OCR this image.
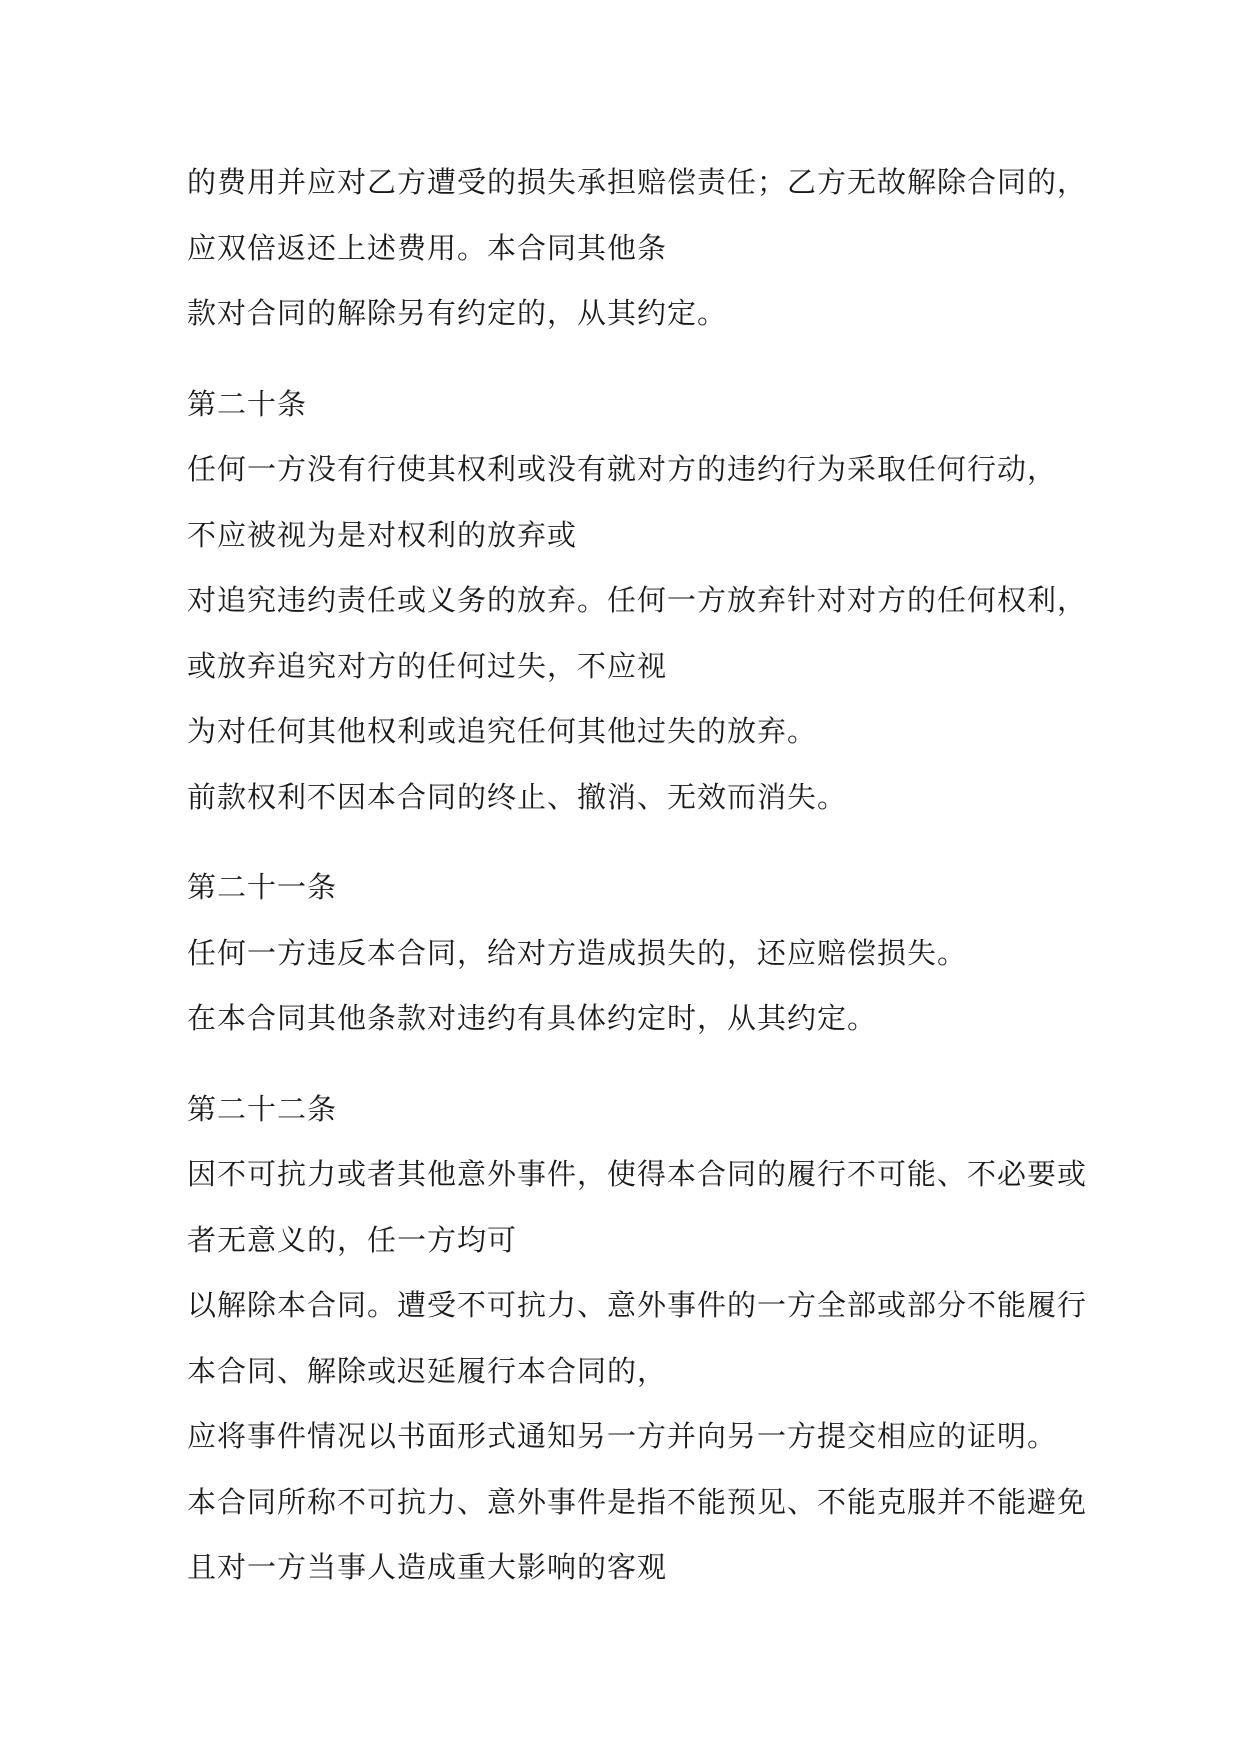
的费用并应对乙方遭受的损失承担赔偿责任；乙方无故解除合同的，
应双倍返还上述费用。本合同其他条
款对合同的解除另有约定的，从其约定。
第二十条
任何一方没有行使其权利或没有就对方的违约行为采取任何行动，
不应被视为是对权利的放弃或
对追究违约责任或义务的放弃。任何一方放弃针对对方的任何权利，
或放弃追究对方的任何过失，不应视
为对任何其他权利或追究任何其他过失的放弃。
前款权利不因本合同的终止、撤消、无效而消失。
第二十一条
任何一方违反本合同，给对方造成损失的，还应赔偿损失。
在本合同其他条款对违约有具体约定时，从其约定。
第二十二条
因不可抗力或者其他意外事件，使得本合同的履行不可能、不必要或
者无意义的，任一方均可
以解除本合同。遭受不可抗力、意外事件的一方全部或部分不能履行
本合同、解除或迟延履行本合同的，
应将事件情况以书面形式通知另一方并向另一方提交相应的证明。
本合同所称不可抗力、意外事件是指不能预见、不能克服并不能避免
且对一方当事人造成重大影响的客观
